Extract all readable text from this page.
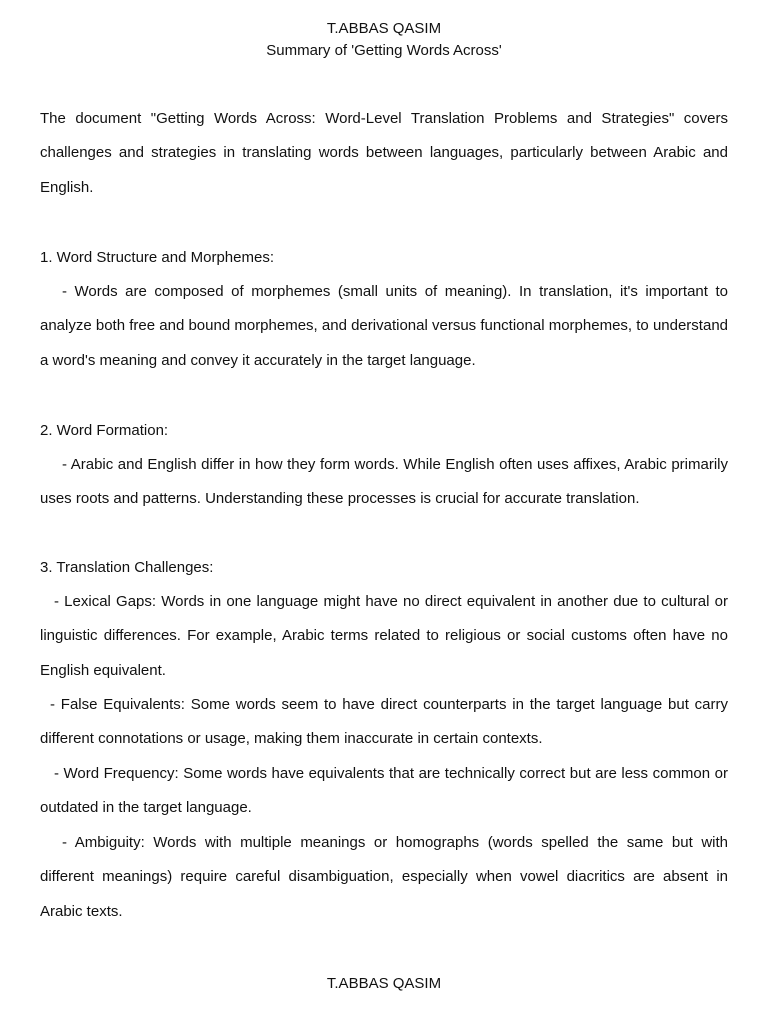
T.ABBAS QASIM
Summary of 'Getting Words Across'

The document "Getting Words Across: Word-Level Translation Problems and Strategies" covers challenges and strategies in translating words between languages, particularly between Arabic and English.

1. Word Structure and Morphemes:

- Words are composed of morphemes (small units of meaning). In translation, it's important to analyze both free and bound morphemes, and derivational versus functional morphemes, to understand a word's meaning and convey it accurately in the target language.

2. Word Formation:

- Arabic and English differ in how they form words. While English often uses affixes, Arabic primarily uses roots and patterns. Understanding these processes is crucial for accurate translation.

3. Translation Challenges:

- Lexical Gaps: Words in one language might have no direct equivalent in another due to cultural or linguistic differences. For example, Arabic terms related to religious or social customs often have no English equivalent.

- False Equivalents: Some words seem to have direct counterparts in the target language but carry different connotations or usage, making them inaccurate in certain contexts.

- Word Frequency: Some words have equivalents that are technically correct but are less common or outdated in the target language.

- Ambiguity: Words with multiple meanings or homographs (words spelled the same but with different meanings) require careful disambiguation, especially when vowel diacritics are absent in Arabic texts.

T.ABBAS QASIM
